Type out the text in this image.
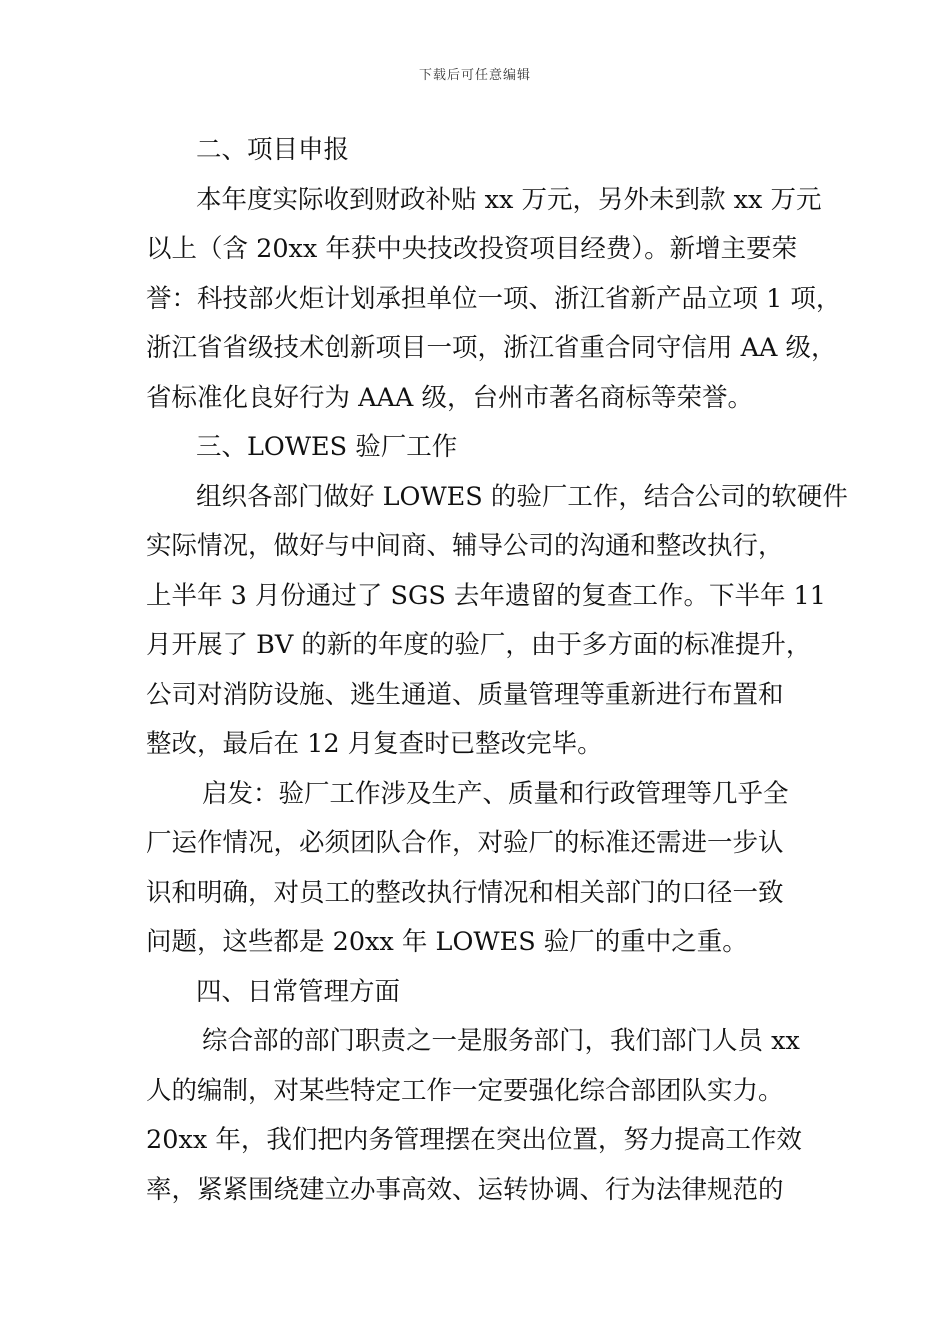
下载后可任意编辑
二、项目申报
本年度实际收到财政补贴 xx 万元，另外未到款 xx 万元
以上（含 20xx 年获中央技改投资项目经费）。新增主要荣
誉：科技部火炬计划承担单位一项、浙江省新产品立项 1 项，
浙江省省级技术创新项目一项，浙江省重合同守信用 AA 级，
省标准化良好行为 AAA 级，台州市著名商标等荣誉。
三、LOWES 验厂工作
组织各部门做好 LOWES 的验厂工作，结合公司的软硬件
实际情况，做好与中间商、辅导公司的沟通和整改执行，
上半年 3 月份通过了 SGS 去年遗留的复查工作。下半年 11
月开展了 BV 的新的年度的验厂，由于多方面的标准提升，
公司对消防设施、逃生通道、质量管理等重新进行布置和
整改，最后在 12 月复查时已整改完毕。
启发：验厂工作涉及生产、质量和行政管理等几乎全
厂运作情况，必须团队合作，对验厂的标准还需进一步认
识和明确，对员工的整改执行情况和相关部门的口径一致
问题，这些都是 20xx 年 LOWES 验厂的重中之重。
四、日常管理方面
综合部的部门职责之一是服务部门，我们部门人员 xx
人的编制，对某些特定工作一定要强化综合部团队实力。
20xx 年，我们把内务管理摆在突出位置，努力提高工作效
率，紧紧围绕建立办事高效、运转协调、行为法律规范的
